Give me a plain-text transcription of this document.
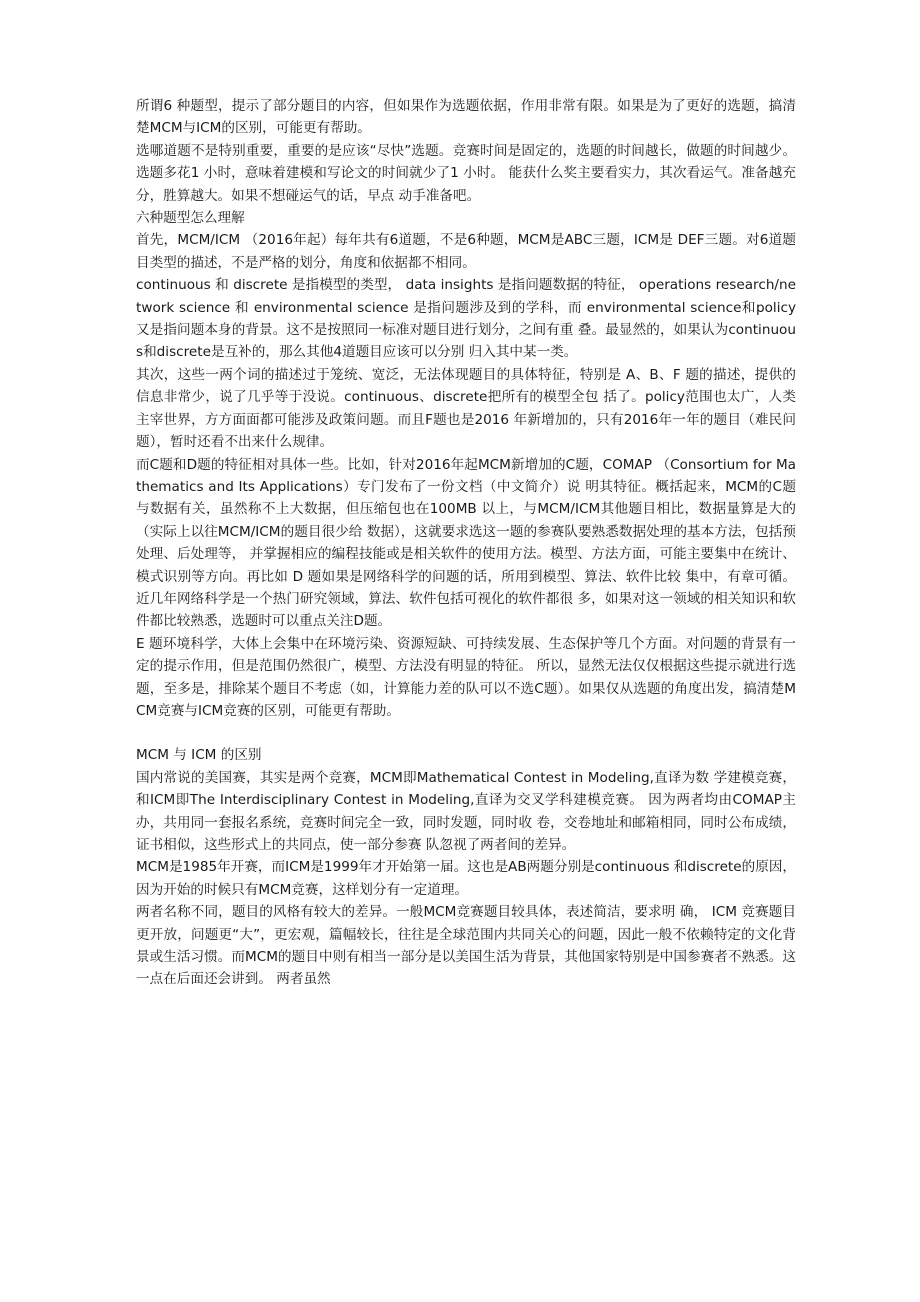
所谓6 种题型，提示了部分题目的内容，但如果作为选题依据，作用非常有限。如果是为了更好的选题，搞清楚MCM与ICM的区别，可能更有帮助。

选哪道题不是特别重要，重要的是应该“尽快”选题。竞赛时间是固定的，选题的时间越长，做题的时间越少。选题多花1 小时，意味着建模和写论文的时间就少了1 小时。 能获什么奖主要看实力，其次看运气。准备越充分，胜算越大。如果不想碰运气的话，早点 动手准备吧。

六种题型怎么理解

首先，MCM/ICM （2016年起）每年共有6道题，不是6种题，MCM是ABC三题，ICM是 DEF三题。对6道题目类型的描述，不是严格的划分，角度和依据都不相同。

continuous 和 discrete 是指模型的类型， data insights 是指问题数据的特征， operations research/network science 和 environmental science 是指问题涉及到的学科，而 environmental science和policy又是指问题本身的背景。这不是按照同一标准对题目进行划分，之间有重 叠。最显然的，如果认为continuous和discrete是互补的，那么其他4道题目应该可以分别 归入其中某一类。

其次，这些一两个词的描述过于笼统、宽泛，无法体现题目的具体特征，特别是 A、B、F 题的描述，提供的信息非常少，说了几乎等于没说。continuous、discrete把所有的模型全包 括了。policy范围也太广，人类主宰世界，方方面面都可能涉及政策问题。而且F题也是2016 年新增加的，只有2016年一年的题目（难民问题），暂时还看不出来什么规律。

而C题和D题的特征相对具体一些。比如，针对2016年起MCM新增加的C题，COMAP （Consortium for Mathematics and Its Applications）专门发布了一份文档（中文简介）说 明其特征。概括起来，MCM的C题与数据有关，虽然称不上大数据，但压缩包也在100MB 以上，与MCM/ICM其他题目相比，数据量算是大的（实际上以往MCM/ICM的题目很少给 数据），这就要求选这一题的参赛队要熟悉数据处理的基本方法，包括预处理、后处理等， 并掌握相应的编程技能或是相关软件的使用方法。模型、方法方面，可能主要集中在统计、 模式识别等方向。再比如 D 题如果是网络科学的问题的话，所用到模型、算法、软件比较 集中，有章可循。近几年网络科学是一个热门研究领域，算法、软件包括可视化的软件都很 多，如果对这一领域的相关知识和软件都比较熟悉，选题时可以重点关注D题。

E 题环境科学，大体上会集中在环境污染、资源短缺、可持续发展、生态保护等几个方面。对问题的背景有一定的提示作用，但是范围仍然很广，模型、方法没有明显的特征。 所以，显然无法仅仅根据这些提示就进行选题，至多是，排除某个题目不考虑（如，计算能力差的队可以不选C题）。如果仅从选题的角度出发，搞清楚MCM竞赛与ICM竞赛的区别，可能更有帮助。

MCM 与 ICM 的区别

国内常说的美国赛，其实是两个竞赛，MCM即Mathematical Contest in Modeling,直译为数 学建模竞赛，和ICM即The Interdisciplinary Contest in Modeling,直译为交叉学科建模竞赛。 因为两者均由COMAP主办，共用同一套报名系统，竞赛时间完全一致，同时发题，同时收 卷，交卷地址和邮箱相同，同时公布成绩，证书相似，这些形式上的共同点，使一部分参赛 队忽视了两者间的差异。

MCM是1985年开赛，而ICM是1999年才开始第一届。这也是AB两题分别是continuous 和discrete的原因，因为开始的时候只有MCM竞赛，这样划分有一定道理。

两者名称不同，题目的风格有较大的差异。一般MCM竞赛题目较具体，表述简洁，要求明 确， ICM 竞赛题目更开放，问题更“大”，更宏观，篇幅较长，往往是全球范围内共同关心的问题，因此一般不依赖特定的文化背景或生活习惯。而MCM的题目中则有相当一部分是以美国生活为背景，其他国家特别是中国参赛者不熟悉。这一点在后面还会讲到。 两者虽然
